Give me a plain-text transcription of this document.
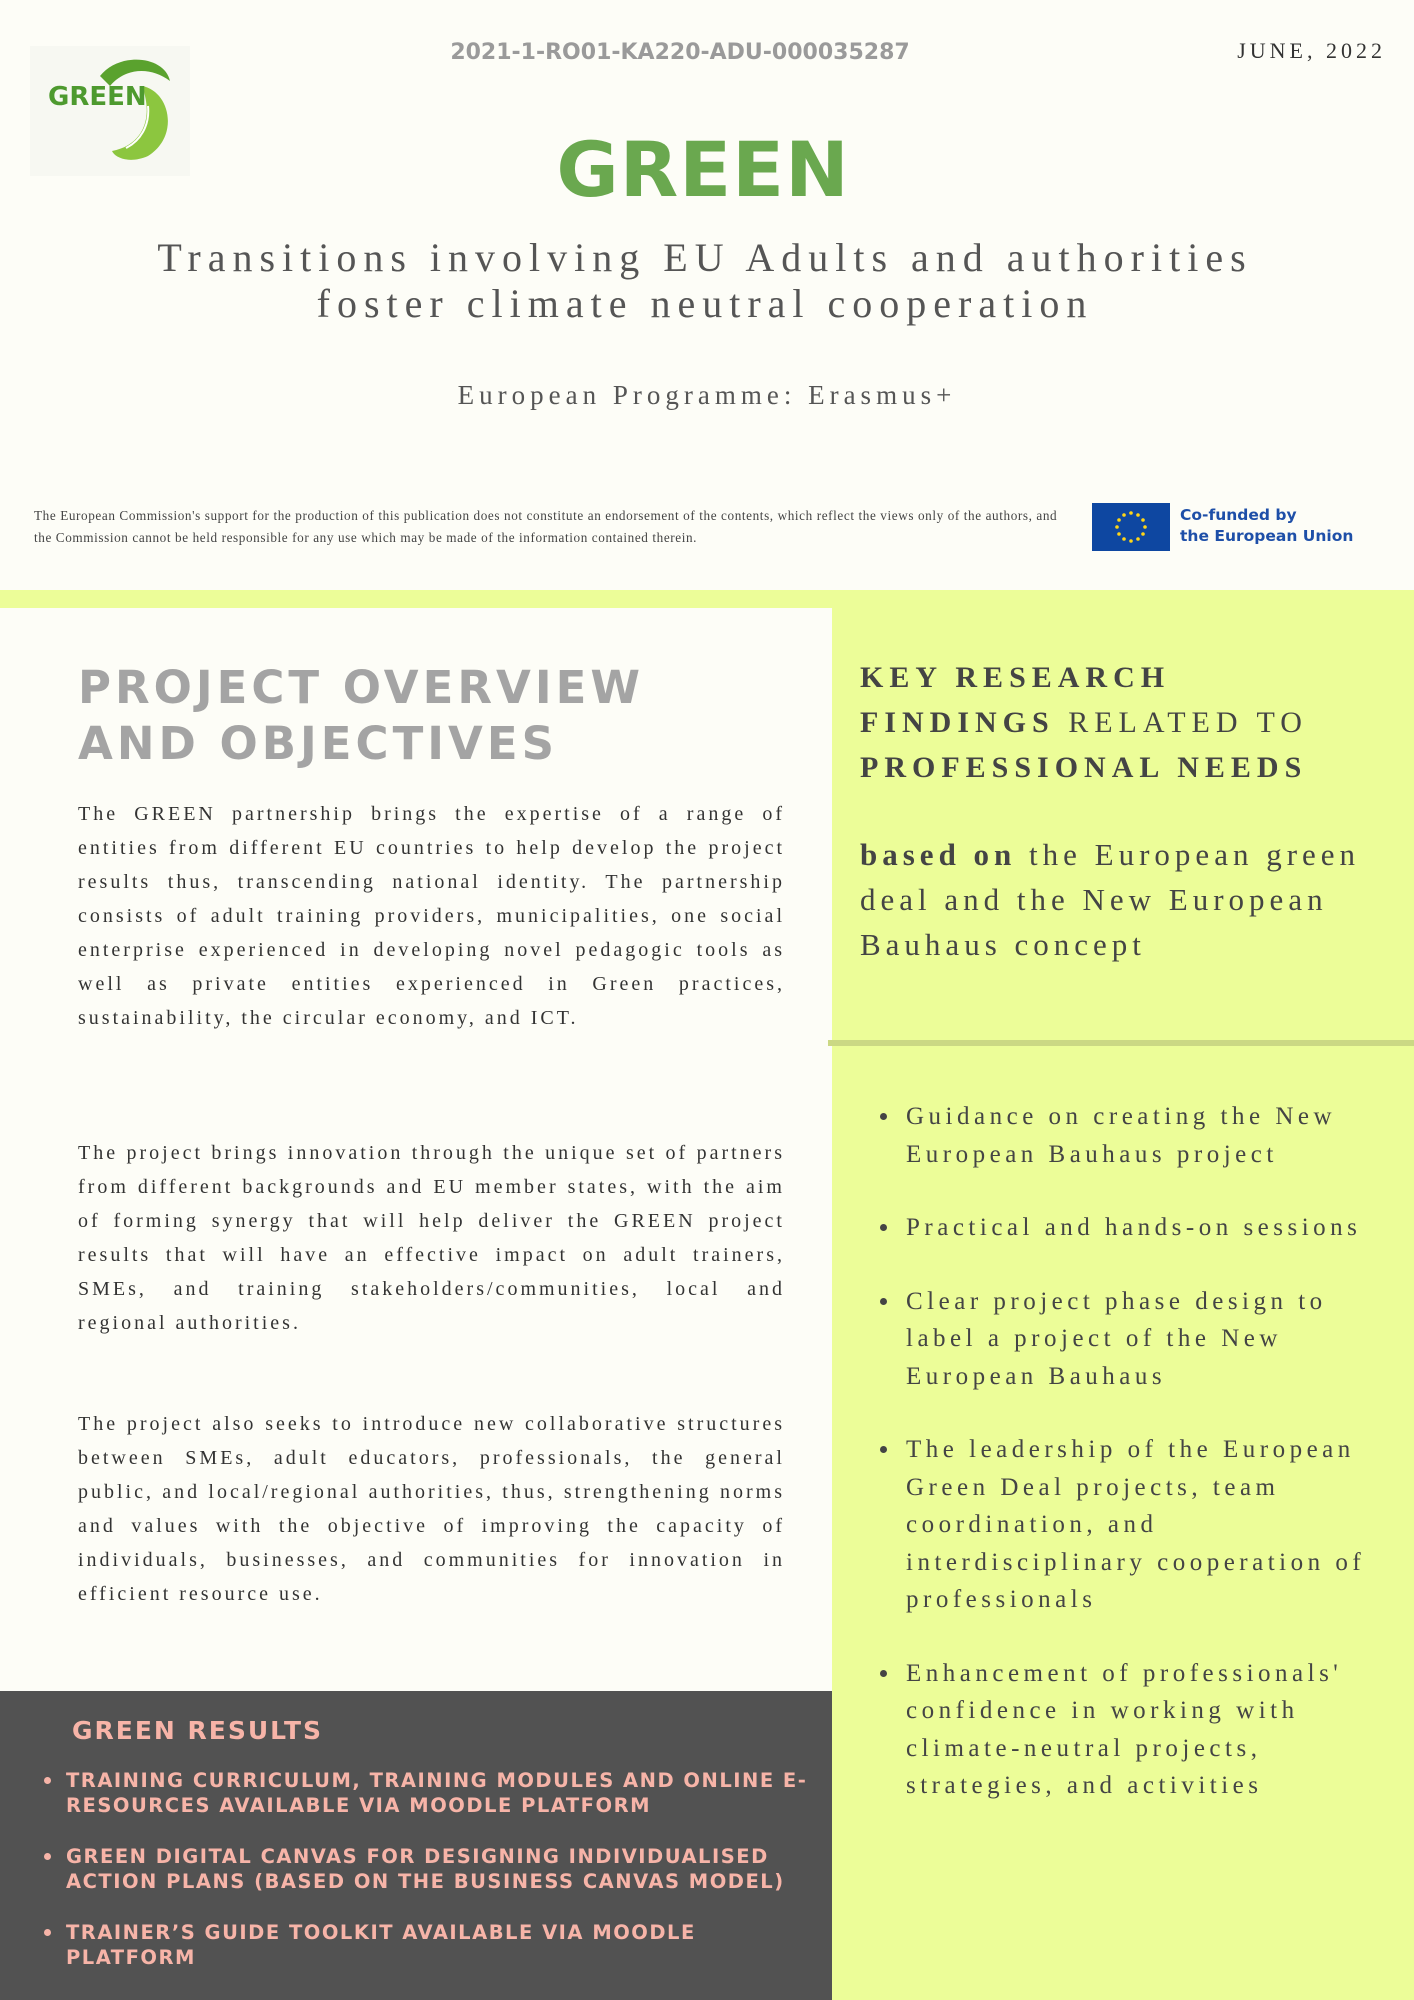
GREEN
2021-1-RO01-KA220-ADU-000035287	JUNE, 2022
GREEN
Transitions involving EU Adults and authorities
foster climate neutral cooperation
European Programme: Erasmus+
The European Commission's support for the production of this publication does not constitute an endorsement of the contents, which reflect the views only of the authors, and the Commission cannot be held responsible for any use which may be made of the information contained therein.
Co-funded by
the European Union
PROJECT OVERVIEW
AND OBJECTIVES
The GREEN partnership brings the expertise of a range of entities from different EU countries to help develop the project results thus, transcending national identity. The partnership consists of adult training providers, municipalities, one social enterprise experienced in developing novel pedagogic tools as well as private entities experienced in Green practices, sustainability, the circular economy, and ICT.
The project brings innovation through the unique set of partners from different backgrounds and EU member states, with the aim of forming synergy that will help deliver the GREEN project results that will have an effective impact on adult trainers, SMEs, and training stakeholders/communities, local and regional authorities.
The project also seeks to introduce new collaborative structures between SMEs, adult educators, professionals, the general public, and local/regional authorities, thus, strengthening norms and values with the objective of improving the capacity of individuals, businesses, and communities for innovation in efficient resource use.
GREEN RESULTS
TRAINING CURRICULUM, TRAINING MODULES AND ONLINE E-RESOURCES AVAILABLE VIA MOODLE PLATFORM
GREEN DIGITAL CANVAS FOR DESIGNING INDIVIDUALISED ACTION PLANS (BASED ON THE BUSINESS CANVAS MODEL)
TRAINER’S GUIDE TOOLKIT AVAILABLE VIA MOODLE PLATFORM
KEY RESEARCH
FINDINGS RELATED TO
PROFESSIONAL NEEDS
based on the European green deal and the New European Bauhaus concept
Guidance on creating the New European Bauhaus project
Practical and hands-on sessions
Clear project phase design to label a project of the New European Bauhaus
The leadership of the European Green Deal projects, team coordination, and interdisciplinary cooperation of professionals
Enhancement of professionals' confidence in working with climate-neutral projects, strategies, and activities
